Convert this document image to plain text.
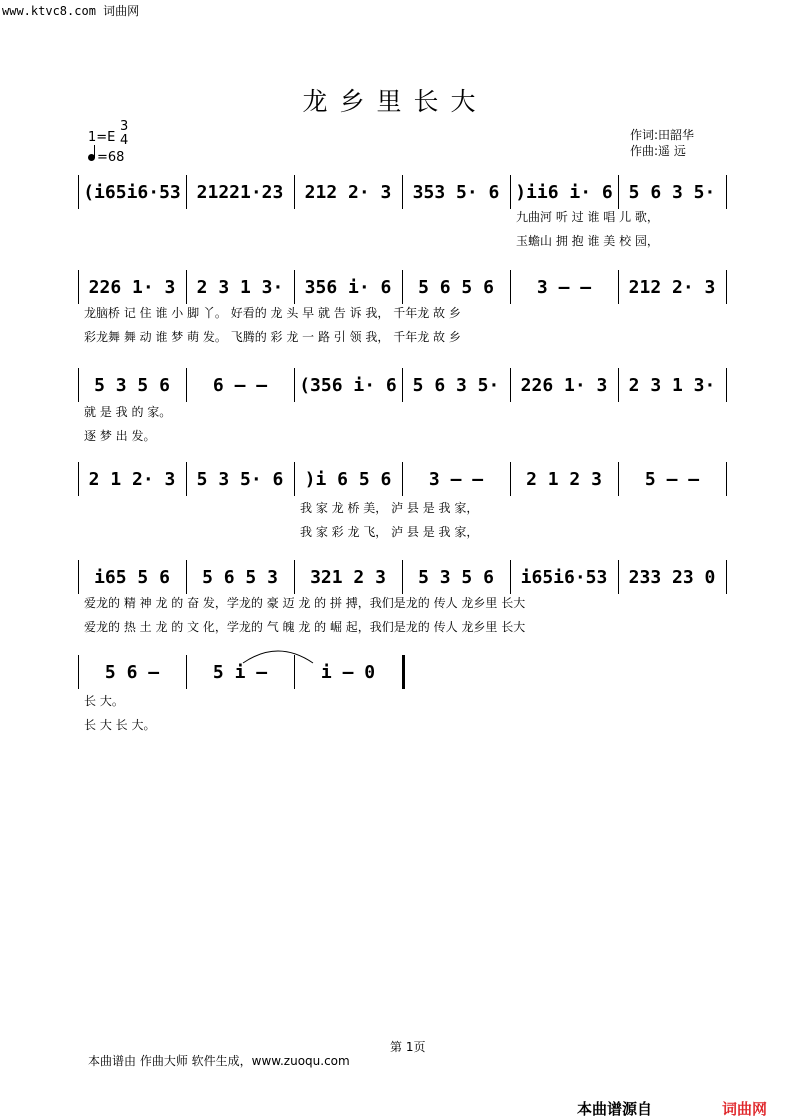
www.ktvc8.com 词曲网
龙乡里长大
1=E
3
4
=68
作词:田韶华
作曲:遥 远
(i65i6·53 21221·23	212 2· 3	353 5· 6 )ii6 i· 6 5 6 3 5·
226 1· 3	2 3 1 3·	356 i· 6	5 6 5 6	3 — —	212 2· 3
5 3 5 6	6 — —	(356 i· 6 5 6 3 5·	226 1· 3	2 3 1 3·
2 1 2· 3	5 3 5· 6	)i 6 5 6	3 — —	2 1 2 3	5 — —
i65 5 6	5 6 5 3	321 2 3	5 3 5 6	i65i6·53	233 23 0
5 6 —	5 i —	i — 0
第 1页
本曲谱由 作曲大师 软件生成，www.zuoqu.com
本曲谱源自	词曲网
九曲河 听 过 谁 唱 儿 歌，
玉蟾山 拥 抱 谁 美 校 园，
龙脑桥 记 住 谁 小 脚 丫。 好看的 龙 头 早 就 告 诉 我， 千年龙 故 乡
彩龙舞 舞 动 谁 梦 萌 发。 飞腾的 彩 龙 一 路 引 领 我， 千年龙 故 乡
就 是 我 的 家。
逐 梦 出 发。
我 家 龙 桥 美， 泸 县 是 我 家，
我 家 彩 龙 飞， 泸 县 是 我 家，
爱龙的 精 神 龙 的 奋 发，学龙的 豪 迈 龙 的 拼 搏，我们是龙的 传人 龙乡里 长大
爱龙的 热 土 龙 的 文 化，学龙的 气 魄 龙 的 崛 起，我们是龙的 传人 龙乡里 长大
长 大。
长 大 长 大。
